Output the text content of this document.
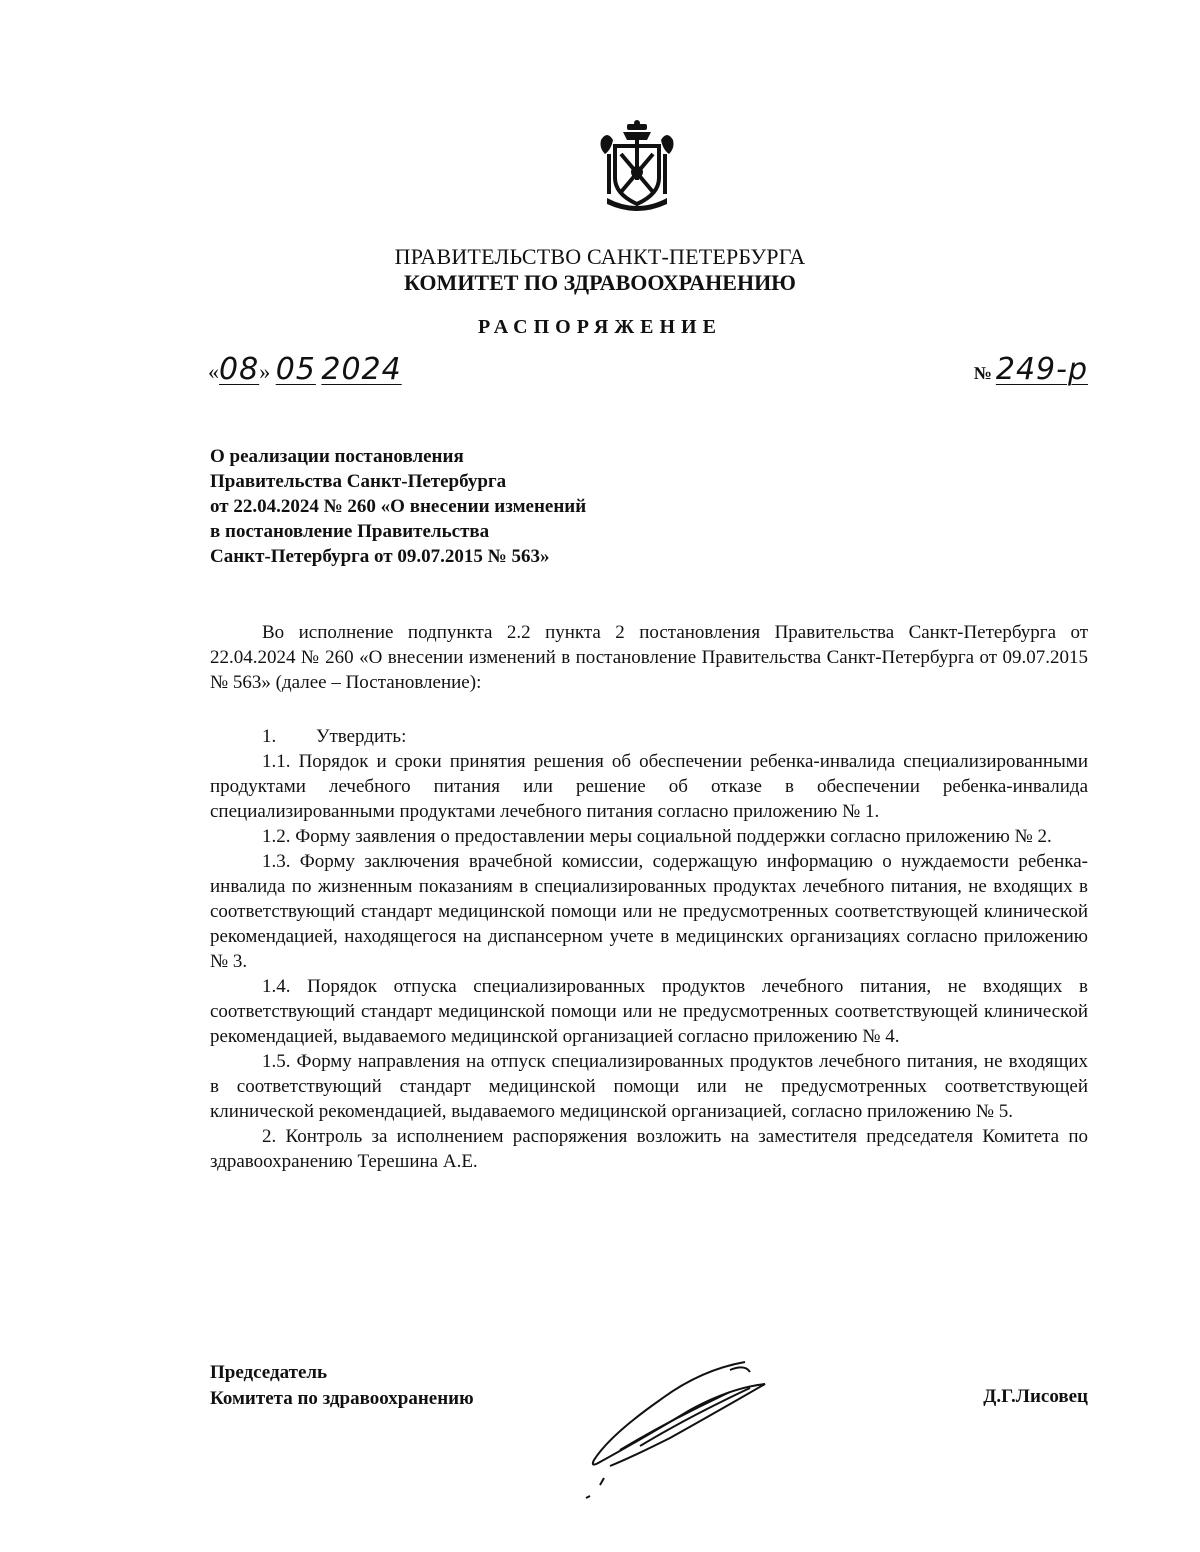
ПРАВИТЕЛЬСТВО САНКТ-ПЕТЕРБУРГА
КОМИТЕТ ПО ЗДРАВООХРАНЕНИЮ
РАСПОРЯЖЕНИЕ
«08» 05 2024	№ 249-р
О реализации постановления
Правительства Санкт-Петербурга
от 22.04.2024 № 260 «О внесении изменений
в постановление Правительства
Санкт-Петербурга от 09.07.2015 № 563»

Во исполнение подпункта 2.2 пункта 2 постановления Правительства Санкт-Петербурга от 22.04.2024 № 260 «О внесении изменений в постановление Правительства Санкт-Петербурга от 09.07.2015 № 563» (далее – Постановление):

1. Утвердить:

1.1. Порядок и сроки принятия решения об обеспечении ребенка-инвалида специализированными продуктами лечебного питания или решение об отказе в обеспечении ребенка-инвалида специализированными продуктами лечебного питания согласно приложению № 1.

1.2. Форму заявления о предоставлении меры социальной поддержки согласно приложению № 2.

1.3. Форму заключения врачебной комиссии, содержащую информацию о нуждаемости ребенка-инвалида по жизненным показаниям в специализированных продуктах лечебного питания, не входящих в соответствующий стандарт медицинской помощи или не предусмотренных соответствующей клинической рекомендацией, находящегося на диспансерном учете в медицинских организациях согласно приложению № 3.

1.4. Порядок отпуска специализированных продуктов лечебного питания, не входящих в соответствующий стандарт медицинской помощи или не предусмотренных соответствующей клинической рекомендацией, выдаваемого медицинской организацией согласно приложению № 4.

1.5. Форму направления на отпуск специализированных продуктов лечебного питания, не входящих в соответствующий стандарт медицинской помощи или не предусмотренных соответствующей клинической рекомендацией, выдаваемого медицинской организацией, согласно приложению № 5.

2. Контроль за исполнением распоряжения возложить на заместителя председателя Комитета по здравоохранению Терешина А.Е.

Председатель
Комитета по здравоохранению	Д.Г.Лисовец
